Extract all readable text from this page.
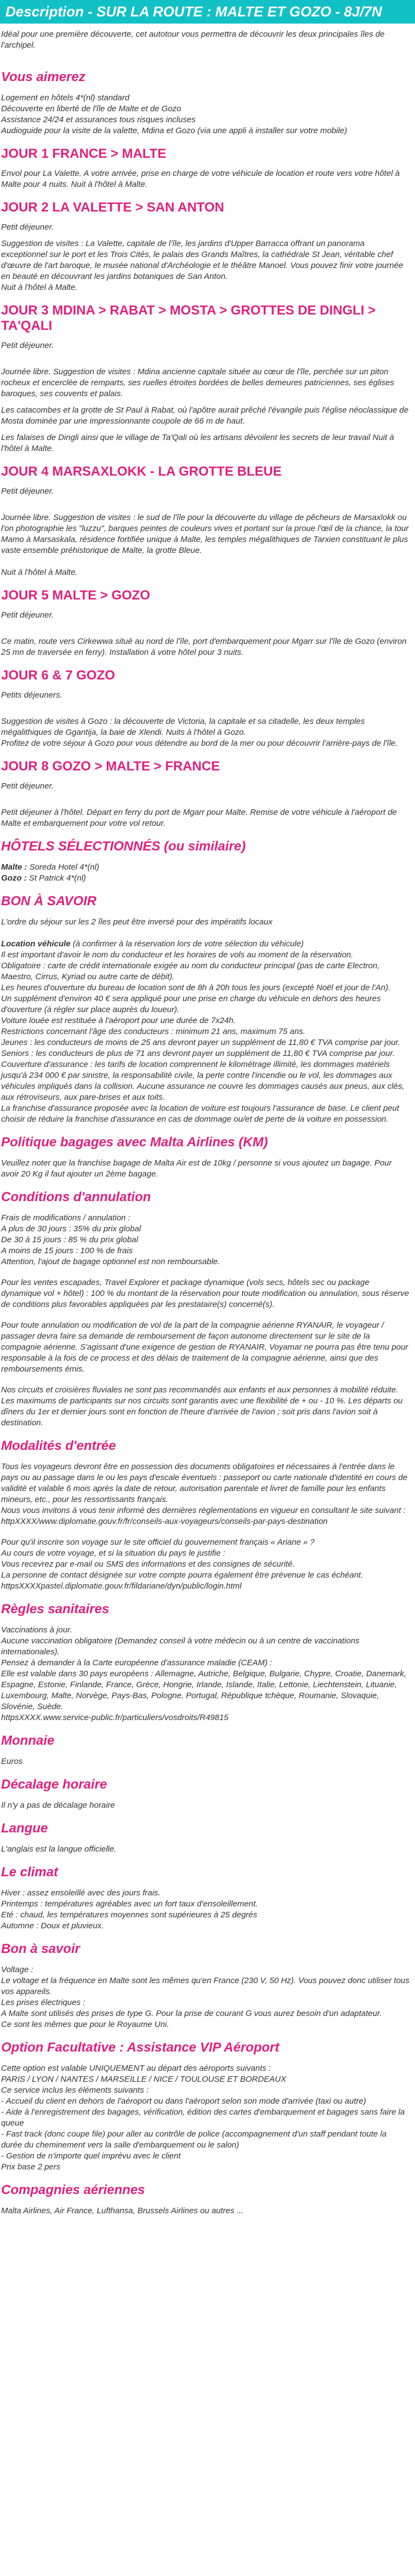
Description - SUR LA ROUTE : MALTE ET GOZO - 8J/7N
Idéal pour une première découverte, cet autotour vous permettra de découvrir les deux principales îles de l'archipel.
Vous aimerez
Logement en hôtels 4*(nl) standard
Découverte en liberté de l'île de Malte et de Gozo
Assistance 24/24 et assurances tous risques incluses
Audioguide pour la visite de la valette, Mdina et Gozo (via une appli à installer sur votre mobile)
JOUR 1 FRANCE > MALTE

Envol pour La Valette. A votre arrivée, prise en charge de votre véhicule de location et route vers votre hôtel à Malte pour 4 nuits. Nuit à l'hôtel à Malte.

JOUR 2 LA VALETTE > SAN ANTON

Petit déjeuner.

Suggestion de visites : La Valette, capitale de l'île, les jardins d'Upper Barracca offrant un panorama exceptionnel sur le port et les Trois Cités, le palais des Grands Maîtres, la cathédrale St Jean, véritable chef d'œuvre de l'art baroque, le musée national d'Archéologie et le théâtre Manoel. Vous pouvez finir votre journée en beauté en découvrant les jardins botaniques de San Anton.

Nuit à l'hôtel à Malte.

JOUR 3 MDINA > RABAT > MOSTA > GROTTES DE DINGLI > TA'QALI

Petit déjeuner.

Journée libre. Suggestion de visites : Mdina ancienne capitale située au cœur de l'île, perchée sur un piton rocheux et encerclée de remparts, ses ruelles étroites bordées de belles demeures patriciennes, ses églises baroques, ses couvents et palais.

Les catacombes et la grotte de St Paul à Rabat, où l'apôtre aurait prêché l'évangile puis l'église néoclassique de Mosta dominée par une impressionnante coupole de 66 m de haut.

Les falaises de Dingli ainsi que le village de Ta'Qali où les artisans dévoilent les secrets de leur travail Nuit à l'hôtel à Malte.

JOUR 4 MARSAXLOKK - LA GROTTE BLEUE

Petit déjeuner.

Journée libre. Suggestion de visites : le sud de l'île pour la découverte du village de pêcheurs de Marsaxlokk ou l'on photographie les "luzzu", barques peintes de couleurs vives et portant sur la proue l'œil de la chance, la tour Mamo à Marsaskala, résidence fortifiée unique à Malte, les temples mégalithiques de Tarxien constituant le plus vaste ensemble préhistorique de Malte, la grotte Bleue.

Nuit à l'hôtel à Malte.

JOUR 5 MALTE > GOZO

Petit déjeuner.

Ce matin, route vers Cirkewwa situé au nord de l'île, port d'embarquement pour Mgarr sur l'île de Gozo (environ 25 mn de traversée en ferry). Installation à votre hôtel pour 3 nuits.

JOUR 6 & 7 GOZO

Petits déjeuners.

Suggestion de visites à Gozo : la découverte de Victoria, la capitale et sa citadelle, les deux temples mégalithiques de Ggantija, la baie de Xlendi. Nuits à l'hôtel à Gozo.

Profitez de votre séjour à Gozo pour vous détendre au bord de la mer ou pour découvrir l'arrière-pays de l'île.

JOUR 8 GOZO > MALTE > FRANCE

Petit déjeuner.

Petit déjeuner à l'hôtel. Départ en ferry du port de Mgarr pour Malte. Remise de votre véhicule à l'aéroport de Malte et embarquement pour votre vol retour.

HÔTELS SÉLECTIONNÉS (ou similaire)
Malte : Soreda Hotel 4*(nl)
Gozo : St Patrick 4*(nl)
BON À SAVOIR

L'ordre du séjour sur les 2 îles peut être inversé pour des impératifs locaux

Location véhicule (à confirmer à la réservation lors de votre sélection du véhicule)
Il est important d'avoir le nom du conducteur et les horaires de vols au moment de la réservation.
Obligatoire : carte de crédit internationale exigée au nom du conducteur principal (pas de carte Electron, Maestro, Cirrus, Kyriad ou autre carte de débit).
Les heures d'ouverture du bureau de location sont de 8h à 20h tous les jours (excepté Noël et jour de l'An).
Un supplément d'environ 40 € sera appliqué pour une prise en charge du véhicule en dehors des heures d'ouverture (à régler sur place auprès du loueur).
Voiture louée est restituée à l'aéroport pour une durée de 7x24h.
Restrictions concernant l'âge des conducteurs : minimum 21 ans, maximum 75 ans.
Jeunes : les conducteurs de moins de 25 ans devront payer un supplément de 11,80 € TVA comprise par jour.
Seniors : les conducteurs de plus de 71 ans devront payer un supplément de 11,80 € TVA comprise par jour.
Couverture d'assurance : les tarifs de location comprennent le kilométrage illimité, les dommages matériels jusqu'à 234 000 € par sinistre, la responsabilité civile, la perte contre l'incendie ou le vol, les dommages aux véhicules impliqués dans la collision. Aucune assurance ne couvre les dommages causés aux pneus, aux clés, aux rétroviseurs, aux pare-brises et aux toits.
La franchise d'assurance proposée avec la location de voiture est toujours l'assurance de base. Le client peut choisir de réduire la franchise d'assurance en cas de dommage ou/et de perte de la voiture en possession.
Politique bagages avec Malta Airlines (KM)

Veuillez noter que la franchise bagage de Malta Air est de 10kg / personne si vous ajoutez un bagage. Pour avoir 20 Kg il faut ajouter un 2ème bagage.

Conditions d'annulation
Frais de modifications / annulation :
A plus de 30 jours : 35% du prix global
De 30 à 15 jours : 85 % du prix global
A moins de 15 jours : 100 % de frais
Attention, l'ajout de bagage optionnel est non remboursable.

Pour les ventes escapades, Travel Explorer et package dynamique (vols secs, hôtels sec ou package dynamique vol + hôtel) : 100 % du montant de la réservation pour toute modification ou annulation, sous réserve de conditions plus favorables appliquées par les prestataire(s) concerné(s).

Pour toute annulation ou modification de vol de la part de la compagnie aérienne RYANAIR, le voyageur / passager devra faire sa demande de remboursement de façon autonome directement sur le site de la compagnie aérienne. S'agissant d'une exigence de gestion de RYANAIR, Voyamar ne pourra pas être tenu pour responsable à la fois de ce process et des délais de traitement de la compagnie aérienne, ainsi que des remboursements émis.

Nos circuits et croisières fluviales ne sont pas recommandés aux enfants et aux personnes à mobilité réduite. Les maximums de participants sur nos circuits sont garantis avec une flexibilité de + ou - 10 %. Les départs ou dîners du 1er et dernier jours sont en fonction de l'heure d'arrivée de l'avion ; soit pris dans l'avion soit à destination.

Modalités d'entrée

Tous les voyageurs devront être en possession des documents obligatoires et nécessaires à l'entrée dans le pays ou au passage dans le ou les pays d'escale éventuels : passeport ou carte nationale d'identité en cours de validité et valable 6 mois après la date de retour, autorisation parentale et livret de famille pour les enfants mineurs, etc., pour les ressortissants français.

Nous vous invitons à vous tenir informé des dernières réglementations en vigueur en consultant le site suivant : httpXXXX/www.diplomatie.gouv.fr/fr/conseils-aux-voyageurs/conseils-par-pays-destination

Pour qu'il inscrire son voyage sur le site officiel du gouvernement français « Ariane » ?
Au cours de votre voyage, et si la situation du pays le justifie :
Vous recevrez par e-mail ou SMS des informations et des consignes de sécurité.
La personne de contact désignée sur votre compte pourra également être prévenue le cas échéant.
httpsXXXXpastel.diplomatie.gouv.fr/fildariane/dyn/public/login.html
Règles sanitaires
Vaccinations à jour.
Aucune vaccination obligatoire (Demandez conseil à votre médecin ou à un centre de vaccinations internationales).
Pensez à demander à la Carte européenne d'assurance maladie (CEAM) :
Elle est valable dans 30 pays européens : Allemagne, Autriche, Belgique, Bulgarie, Chypre, Croatie, Danemark, Espagne, Estonie, Finlande, France, Grèce, Hongrie, Irlande, Islande, Italie, Lettonie, Liechtenstein, Lituanie, Luxembourg, Malte, Norvège, Pays-Bas, Pologne, Portugal, République tchèque, Roumanie, Slovaquie, Slovénie, Suède.
httpsXXXX.www.service-public.fr/particuliers/vosdroits/R49815
Monnaie

Euros

Décalage horaire

Il n'y a pas de décalage horaire

Langue

L'anglais est la langue officielle.

Le climat
Hiver : assez ensoleillé avec des jours frais.
Printemps : températures agréables avec un fort taux d'ensoleillement.
Eté : chaud, les températures moyennes sont supérieures à 25 degrés
Automne : Doux et pluvieux.
Bon à savoir
Voltage :
Le voltage et la fréquence en Malte sont les mêmes qu'en France (230 V, 50 Hz). Vous pouvez donc utiliser tous vos appareils.
Les prises électriques :
A Malte sont utilisés des prises de type G. Pour la prise de courant G vous aurez besoin d'un adaptateur.
Ce sont les mêmes que pour le Royaume Uni.
Option Facultative : Assistance VIP Aéroport
Cette option est valable UNIQUEMENT au départ des aéroports suivants :
PARIS / LYON / NANTES / MARSEILLE / NICE / TOULOUSE ET BORDEAUX
Ce service inclus les éléments suivants :
- Accueil du client en dehors de l'aéroport ou dans l'aéroport selon son mode d'arrivée (taxi ou autre)
- Aide à l'enregistrement des bagages, vérification, édition des cartes d'embarquement et bagages sans faire la queue
- Fast track (donc coupe file) pour aller au contrôle de police (accompagnement d'un staff pendant toute la durée du cheminement vers la salle d'embarquement ou le salon)
- Gestion de n'importe quel imprévu avec le client
Prix base 2 pers
Compagnies aériennes

Malta Airlines, Air France, Lufthansa, Brussels Airlines ou autres ...
